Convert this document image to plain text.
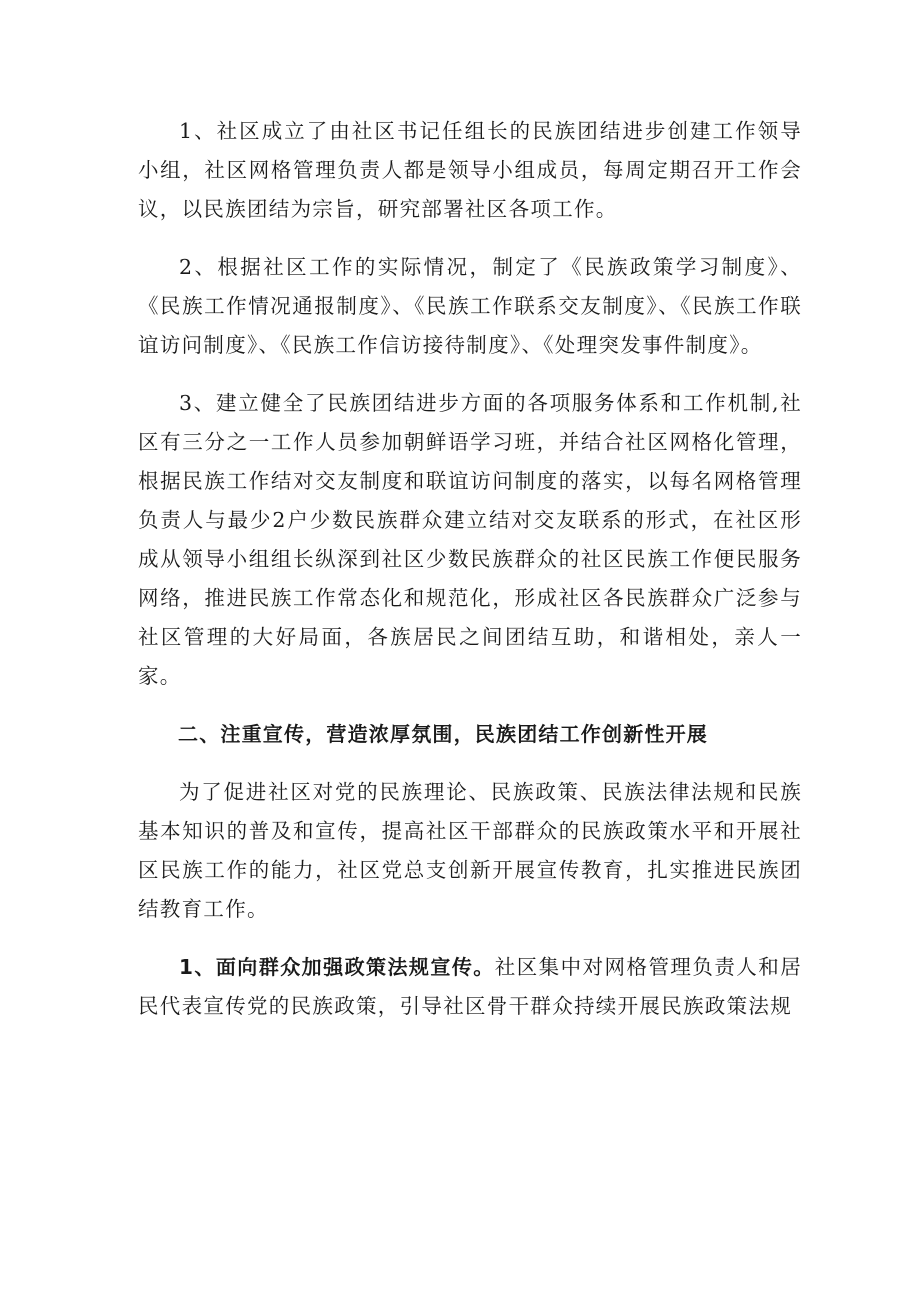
1、社区成立了由社区书记任组长的民族团结进步创建工作领导小组，社区网格管理负责人都是领导小组成员，每周定期召开工作会议，以民族团结为宗旨，研究部署社区各项工作。

2、根据社区工作的实际情况，制定了《民族政策学习制度》、《民族工作情况通报制度》、《民族工作联系交友制度》、《民族工作联谊访问制度》、《民族工作信访接待制度》、《处理突发事件制度》。

3、建立健全了民族团结进步方面的各项服务体系和工作机制,社区有三分之一工作人员参加朝鲜语学习班，并结合社区网格化管理，根据民族工作结对交友制度和联谊访问制度的落实，以每名网格管理负责人与最少2户少数民族群众建立结对交友联系的形式，在社区形成从领导小组组长纵深到社区少数民族群众的社区民族工作便民服务网络，推进民族工作常态化和规范化，形成社区各民族群众广泛参与社区管理的大好局面，各族居民之间团结互助，和谐相处，亲人一家。

二、注重宣传，营造浓厚氛围，民族团结工作创新性开展

为了促进社区对党的民族理论、民族政策、民族法律法规和民族基本知识的普及和宣传，提高社区干部群众的民族政策水平和开展社区民族工作的能力，社区党总支创新开展宣传教育，扎实推进民族团结教育工作。

1、面向群众加强政策法规宣传。社区集中对网格管理负责人和居民代表宣传党的民族政策，引导社区骨干群众持续开展民族政策法规
